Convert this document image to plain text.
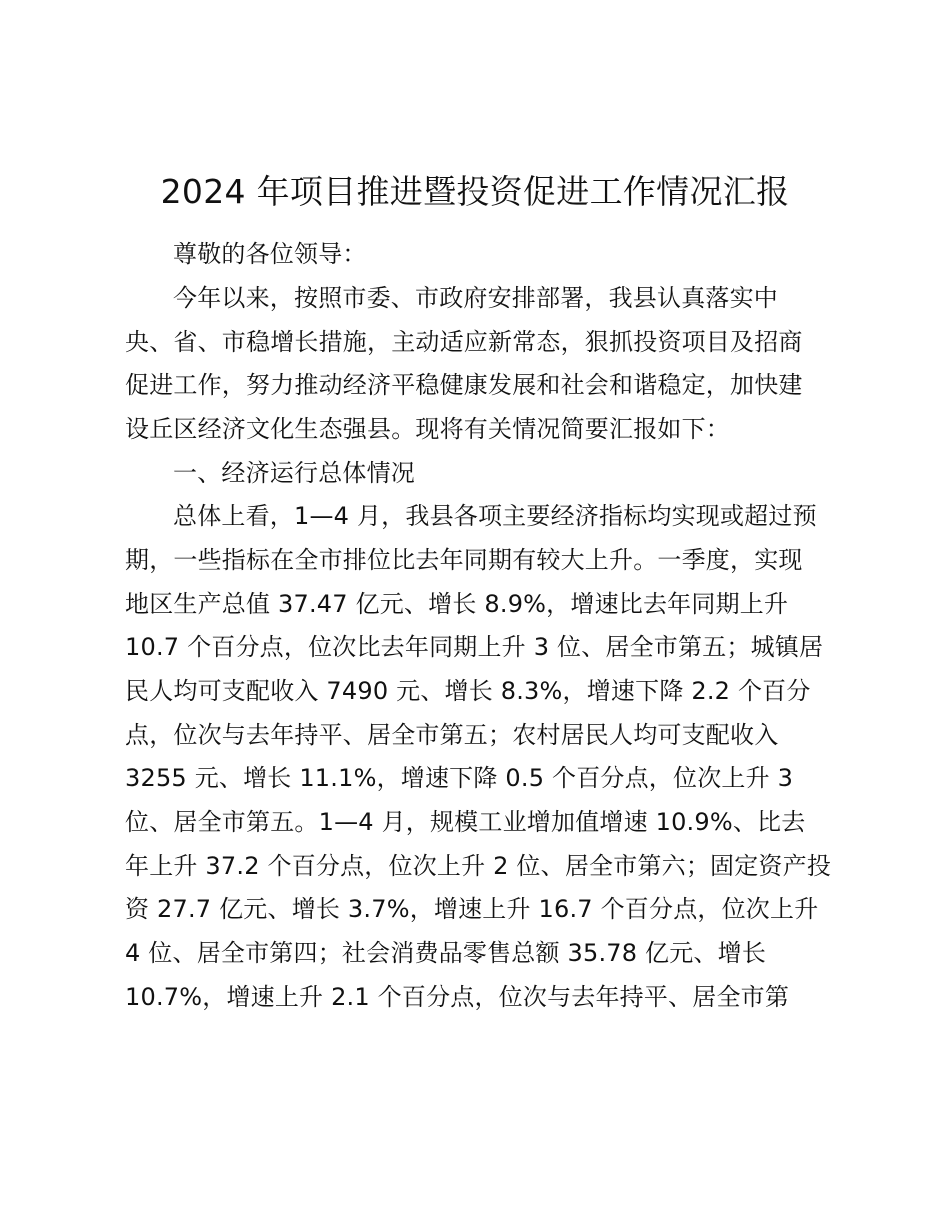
2024 年项目推进暨投资促进工作情况汇报
尊敬的各位领导：
今年以来，按照市委、市政府安排部署，我县认真落实中
央、省、市稳增长措施，主动适应新常态，狠抓投资项目及招商
促进工作，努力推动经济平稳健康发展和社会和谐稳定，加快建
设丘区经济文化生态强县。现将有关情况简要汇报如下：
一、经济运行总体情况
总体上看，1—4 月，我县各项主要经济指标均实现或超过预
期，一些指标在全市排位比去年同期有较大上升。一季度，实现
地区生产总值 37.47 亿元、增长 8.9%，增速比去年同期上升
10.7 个百分点，位次比去年同期上升 3 位、居全市第五；城镇居
民人均可支配收入 7490 元、增长 8.3%，增速下降 2.2 个百分
点，位次与去年持平、居全市第五；农村居民人均可支配收入
3255 元、增长 11.1%，增速下降 0.5 个百分点，位次上升 3
位、居全市第五。1—4 月，规模工业增加值增速 10.9%、比去
年上升 37.2 个百分点，位次上升 2 位、居全市第六；固定资产投
资 27.7 亿元、增长 3.7%，增速上升 16.7 个百分点，位次上升
4 位、居全市第四；社会消费品零售总额 35.78 亿元、增长
10.7%，增速上升 2.1 个百分点，位次与去年持平、居全市第
